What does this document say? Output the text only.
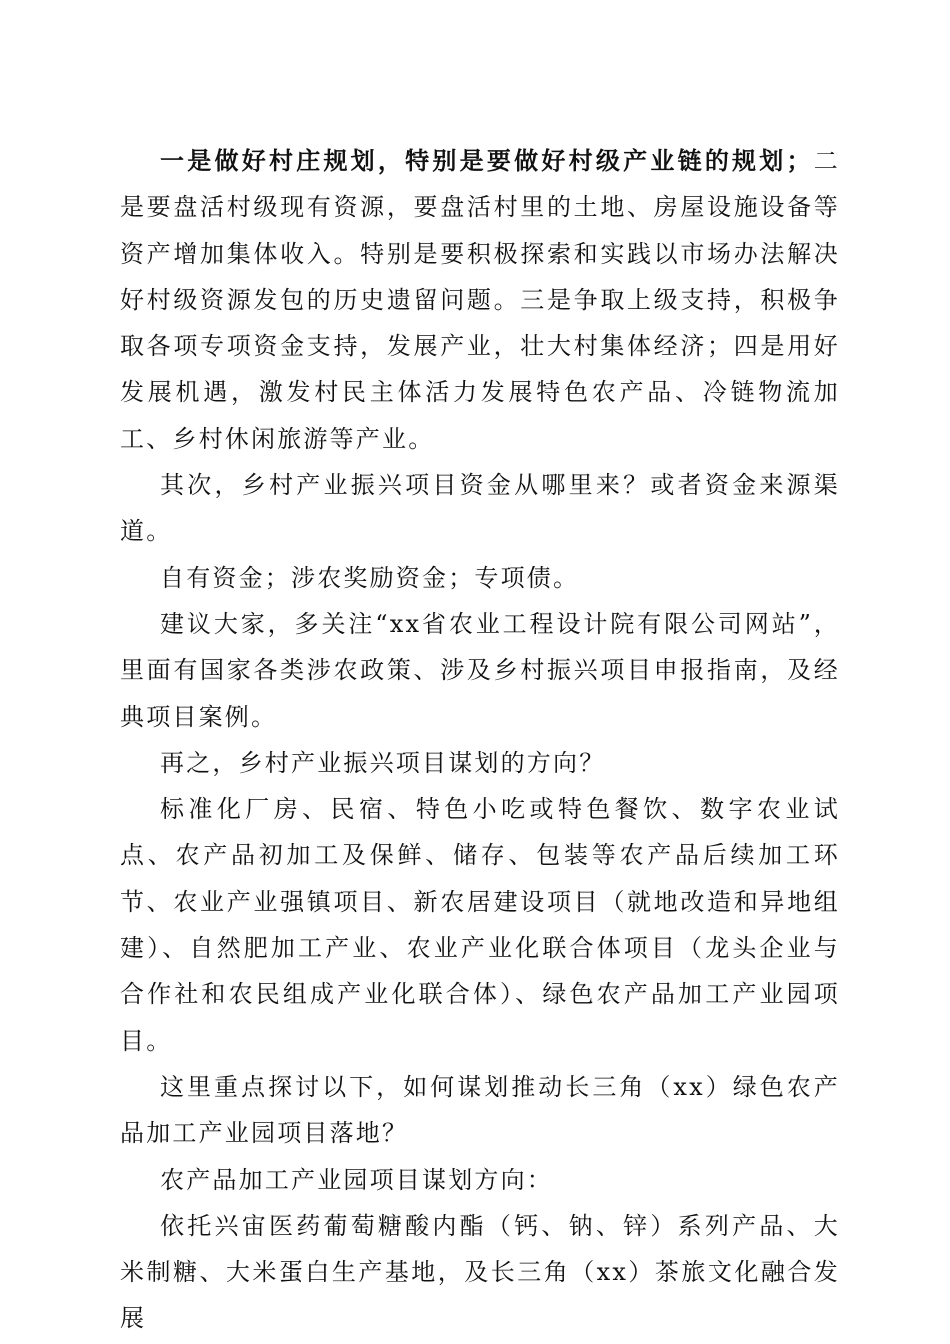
一是做好村庄规划，特别是要做好村级产业链的规划；二是要盘活村级现有资源，要盘活村里的土地、房屋设施设备等资产增加集体收入。特别是要积极探索和实践以市场办法解决好村级资源发包的历史遗留问题。三是争取上级支持，积极争取各项专项资金支持，发展产业，壮大村集体经济；四是用好发展机遇，激发村民主体活力发展特色农产品、冷链物流加工、乡村休闲旅游等产业。

其次，乡村产业振兴项目资金从哪里来？或者资金来源渠道。

自有资金；涉农奖励资金；专项债。

建议大家，多关注“xx省农业工程设计院有限公司网站”，里面有国家各类涉农政策、涉及乡村振兴项目申报指南，及经典项目案例。

再之，乡村产业振兴项目谋划的方向？

标准化厂房、民宿、特色小吃或特色餐饮、数字农业试点、农产品初加工及保鲜、储存、包装等农产品后续加工环节、农业产业强镇项目、新农居建设项目（就地改造和异地组建）、自然肥加工产业、农业产业化联合体项目（龙头企业与合作社和农民组成产业化联合体）、绿色农产品加工产业园项目。

这里重点探讨以下，如何谋划推动长三角（xx）绿色农产品加工产业园项目落地？

农产品加工产业园项目谋划方向：

依托兴宙医药葡萄糖酸内酯（钙、钠、锌）系列产品、大米制糖、大米蛋白生产基地，及长三角（xx）茶旅文化融合发展
